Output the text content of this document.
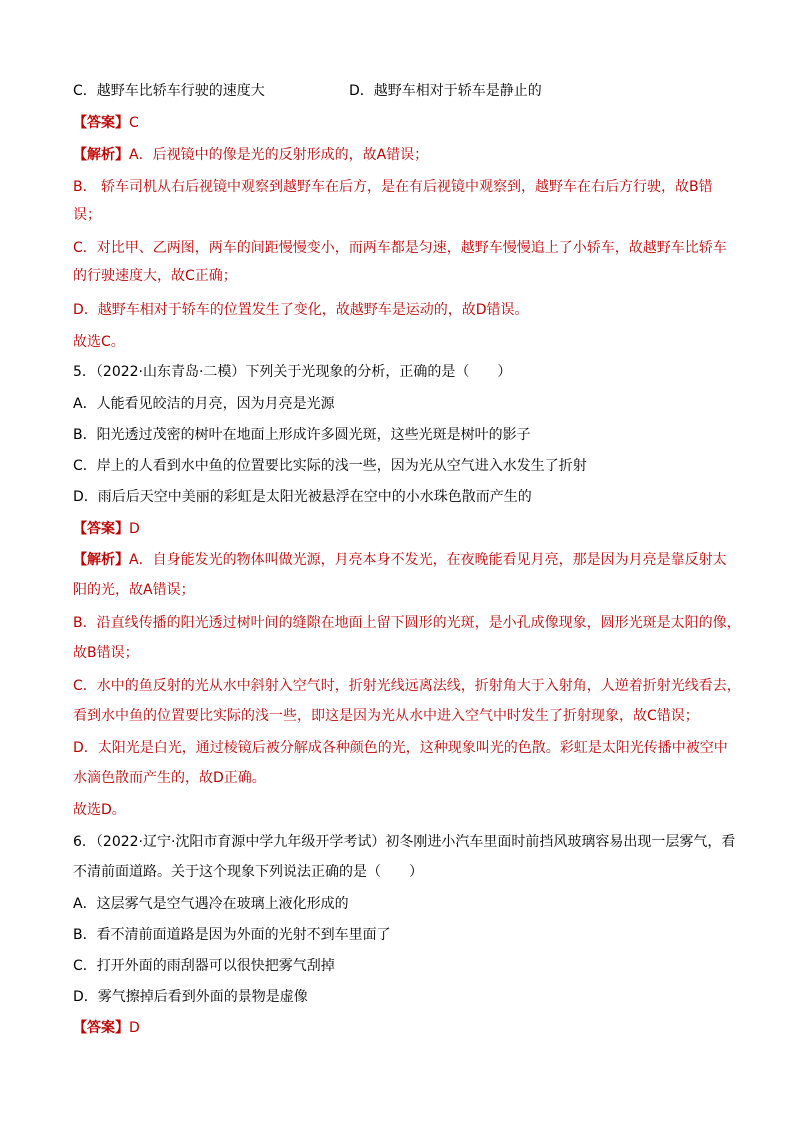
C．越野车比轿车行驶的速度大	D．越野车相对于轿车是静止的
【答案】C
【解析】A．后视镜中的像是光的反射形成的，故A错误；
B． 轿车司机从右后视镜中观察到越野车在后方，是在有后视镜中观察到，越野车在右后方行驶，故B错
误；
C．对比甲、乙两图，两车的间距慢慢变小，而两车都是匀速，越野车慢慢追上了小轿车，故越野车比轿车
的行驶速度大，故C正确；
D．越野车相对于轿车的位置发生了变化，故越野车是运动的，故D错误。
故选C。
5．（2022·山东青岛·二模）下列关于光现象的分析，正确的是（　　）
A．人能看见皎洁的月亮，因为月亮是光源
B．阳光透过茂密的树叶在地面上形成许多圆光斑，这些光斑是树叶的影子
C．岸上的人看到水中鱼的位置要比实际的浅一些，因为光从空气进入水发生了折射
D．雨后后天空中美丽的彩虹是太阳光被悬浮在空中的小水珠色散而产生的
【答案】D
【解析】A．自身能发光的物体叫做光源，月亮本身不发光，在夜晚能看见月亮，那是因为月亮是靠反射太
阳的光，故A错误；
B．沿直线传播的阳光透过树叶间的缝隙在地面上留下圆形的光斑，是小孔成像现象，圆形光斑是太阳的像，
故B错误；
C．水中的鱼反射的光从水中斜射入空气时，折射光线远离法线，折射角大于入射角，人逆着折射光线看去，
看到水中鱼的位置要比实际的浅一些，即这是因为光从水中进入空气中时发生了折射现象，故C错误；
D．太阳光是白光，通过棱镜后被分解成各种颜色的光，这种现象叫光的色散。彩虹是太阳光传播中被空中
水滴色散而产生的，故D正确。
故选D。
6．（2022·辽宁·沈阳市育源中学九年级开学考试）初冬刚进小汽车里面时前挡风玻璃容易出现一层雾气，看
不清前面道路。关于这个现象下列说法正确的是（　　）
A．这层雾气是空气遇冷在玻璃上液化形成的
B．看不清前面道路是因为外面的光射不到车里面了
C．打开外面的雨刮器可以很快把雾气刮掉
D．雾气擦掉后看到外面的景物是虚像
【答案】D
